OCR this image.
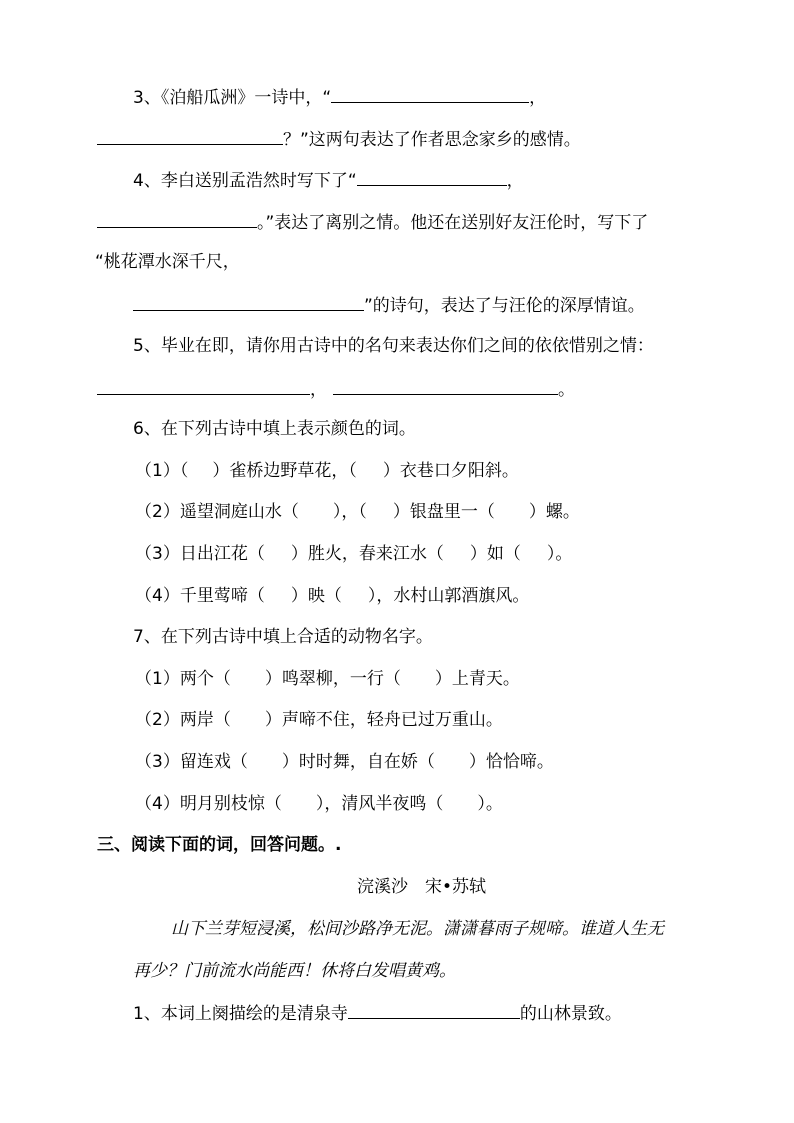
3、《泊船瓜洲》一诗中，“	，
？”这两句表达了作者思念家乡的感情。
4、李白送别孟浩然时写下了“	，
。”表达了离别之情。他还在送别好友汪伦时，写下了
“桃花潭水深千尺，
”的诗句，表达了与汪伦的深厚情谊。
5、毕业在即，请你用古诗中的名句来表达你们之间的依依惜别之情：
，	。
6、在下列古诗中填上表示颜色的词。
（1）（ ）雀桥边野草花，（ ）衣巷口夕阳斜。
（2）遥望洞庭山水（ ），（ ）银盘里一（ ）螺。
（3）日出江花（ ）胜火，春来江水（ ）如（ ）。
（4）千里莺啼（ ）映（ ），水村山郭酒旗风。
7、在下列古诗中填上合适的动物名字。
（1）两个（ ）鸣翠柳，一行（ ）上青天。
（2）两岸（ ）声啼不住，轻舟已过万重山。
（3）留连戏（ ）时时舞，自在娇（ ）恰恰啼。
（4）明月别枝惊（ ），清风半夜鸣（ ）。
三、阅读下面的词，回答问题。.
浣溪沙　宋•苏轼
山下兰芽短浸溪，松间沙路净无泥。潇潇暮雨子规啼。谁道人生无
再少？门前流水尚能西！休将白发唱黄鸡。
1、本词上阕描绘的是清泉寺	的山林景致。
